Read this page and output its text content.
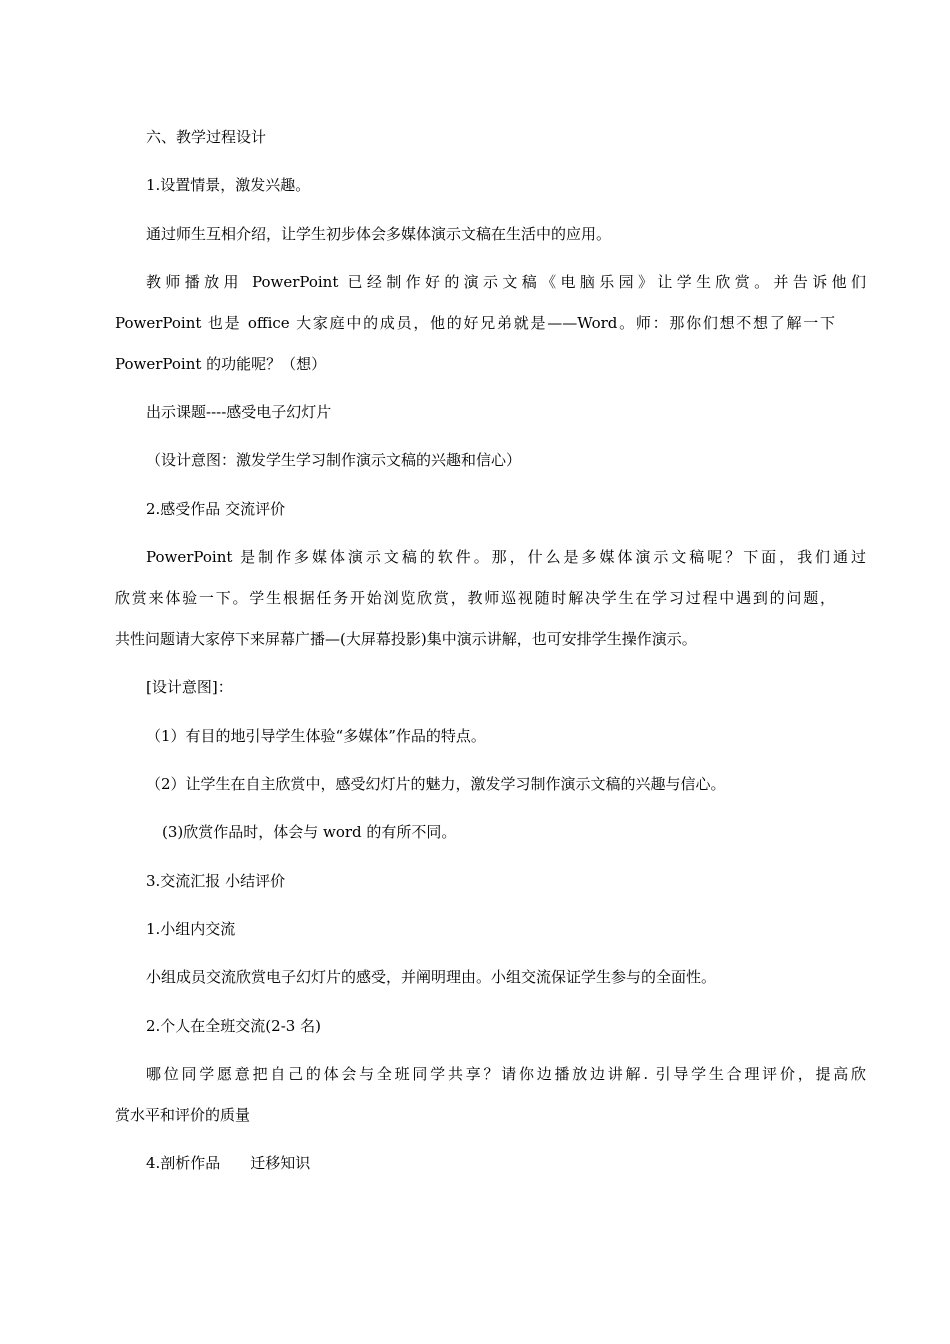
六、教学过程设计

1.设置情景，激发兴趣。

通过师生互相介绍，让学生初步体会多媒体演示文稿在生活中的应用。

教师播放用 PowerPoint 已经制作好的演示文稿《电脑乐园》让学生欣赏。并告诉他们

PowerPoint 也是 office 大家庭中的成员，他的好兄弟就是——Word。师：那你们想不想了解一下

PowerPoint 的功能呢？（想）

出示课题----感受电子幻灯片

（设计意图：激发学生学习制作演示文稿的兴趣和信心）

2.感受作品 交流评价

PowerPoint 是制作多媒体演示文稿的软件。那，什么是多媒体演示文稿呢？下面，我们通过

欣赏来体验一下。学生根据任务开始浏览欣赏，教师巡视随时解决学生在学习过程中遇到的问题，

共性问题请大家停下来屏幕广播—(大屏幕投影)集中演示讲解，也可安排学生操作演示。

[设计意图]：

（1）有目的地引导学生体验“多媒体”作品的特点。

（2）让学生在自主欣赏中，感受幻灯片的魅力，激发学习制作演示文稿的兴趣与信心。

(3)欣赏作品时，体会与 word 的有所不同。

3.交流汇报 小结评价

1.小组内交流

小组成员交流欣赏电子幻灯片的感受，并阐明理由。小组交流保证学生参与的全面性。

2.个人在全班交流(2-3 名)

哪位同学愿意把自己的体会与全班同学共享？请你边播放边讲解. 引导学生合理评价，提高欣

赏水平和评价的质量

4.剖析作品　　迁移知识
